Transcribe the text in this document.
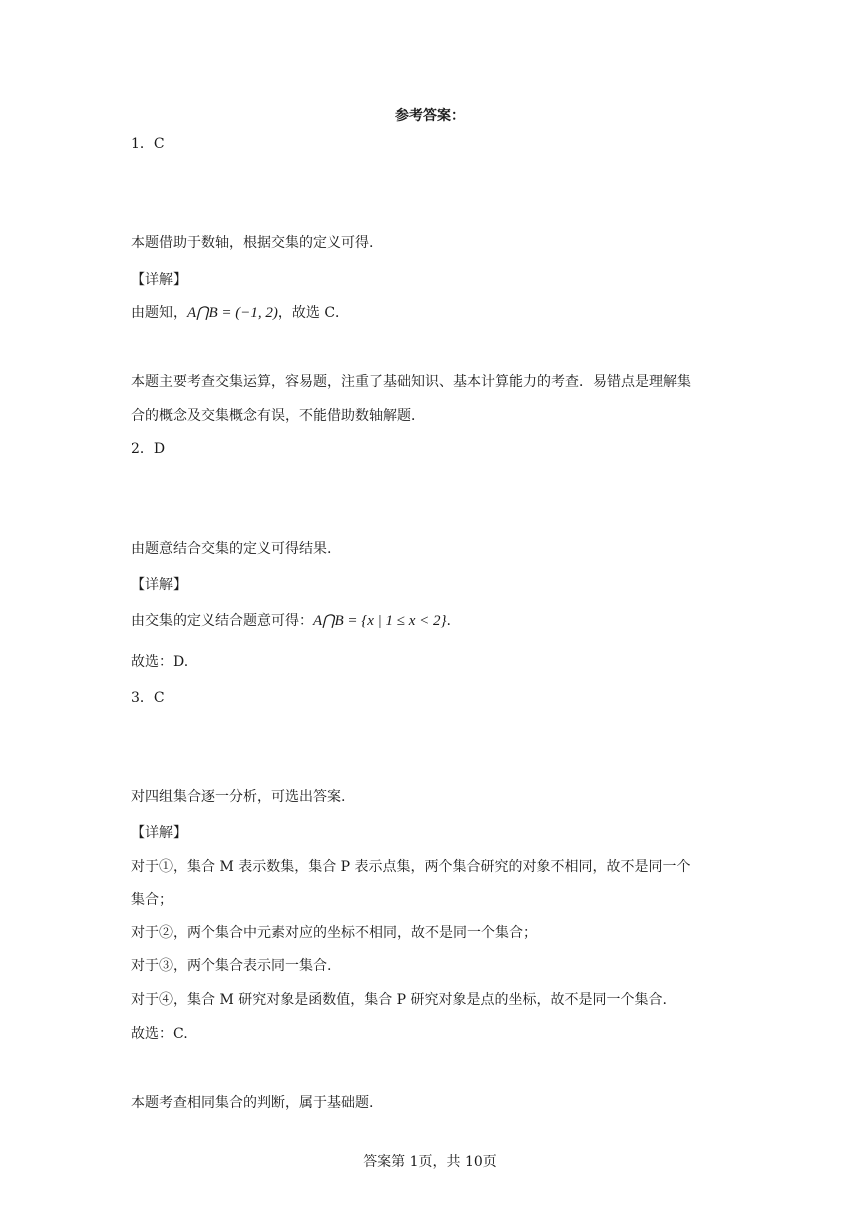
参考答案：

1．C

本题借助于数轴，根据交集的定义可得.

【详解】

由题知，A⋂B = (−1, 2)，故选 C．

本题主要考查交集运算，容易题，注重了基础知识、基本计算能力的考查．易错点是理解集

合的概念及交集概念有误，不能借助数轴解题．

2．D

由题意结合交集的定义可得结果.

【详解】

由交集的定义结合题意可得：A⋂B = {x | 1 ≤ x < 2}.

故选：D.

3．C

对四组集合逐一分析，可选出答案.

【详解】

对于①，集合 M 表示数集，集合 P 表示点集，两个集合研究的对象不相同，故不是同一个

集合；

对于②，两个集合中元素对应的坐标不相同，故不是同一个集合；

对于③，两个集合表示同一集合.

对于④，集合 M 研究对象是函数值，集合 P 研究对象是点的坐标，故不是同一个集合.

故选：C.

本题考查相同集合的判断，属于基础题.

答案第 1页，共 10页
